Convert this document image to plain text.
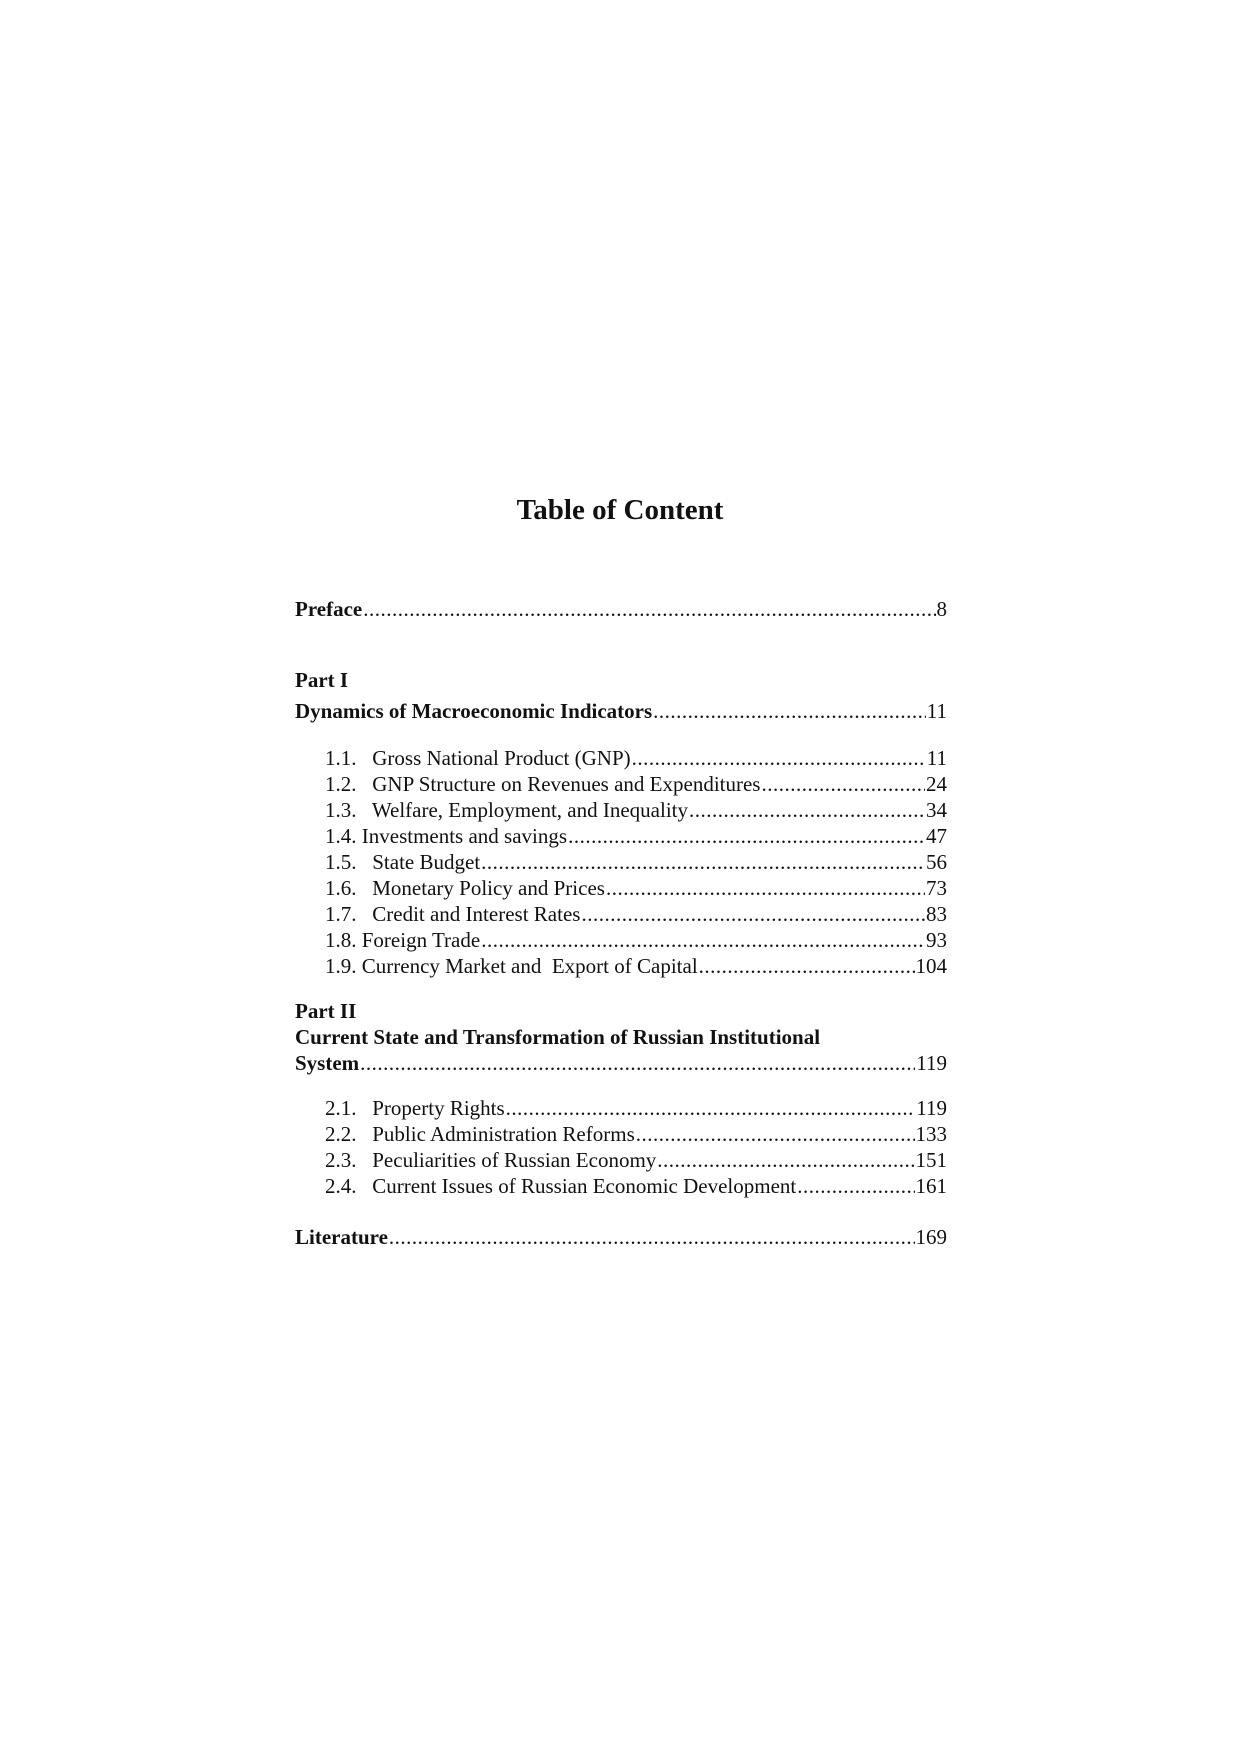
Table of Content
Preface .....	8
Part I
Dynamics of Macroeconomic Indicators .....	11
1.1.   Gross National Product (GNP) .....	11
1.2.   GNP Structure on Revenues and Expenditures .....	24
1.3.   Welfare, Employment, and Inequality .....	34
1.4. Investments and savings .....	47
1.5.   State Budget .....	56
1.6.   Monetary Policy and Prices .....	73
1.7.   Credit and Interest Rates .....	83
1.8. Foreign Trade .....	93
1.9. Currency Market and  Export of Capital .....	104
Part II
Current State and Transformation of Russian Institutional
System .....	119
2.1.   Property Rights .....	119
2.2.   Public Administration Reforms .....	133
2.3.   Peculiarities of Russian Economy .....	151
2.4.   Current Issues of Russian Economic Development .....	161
Literature .....	169
